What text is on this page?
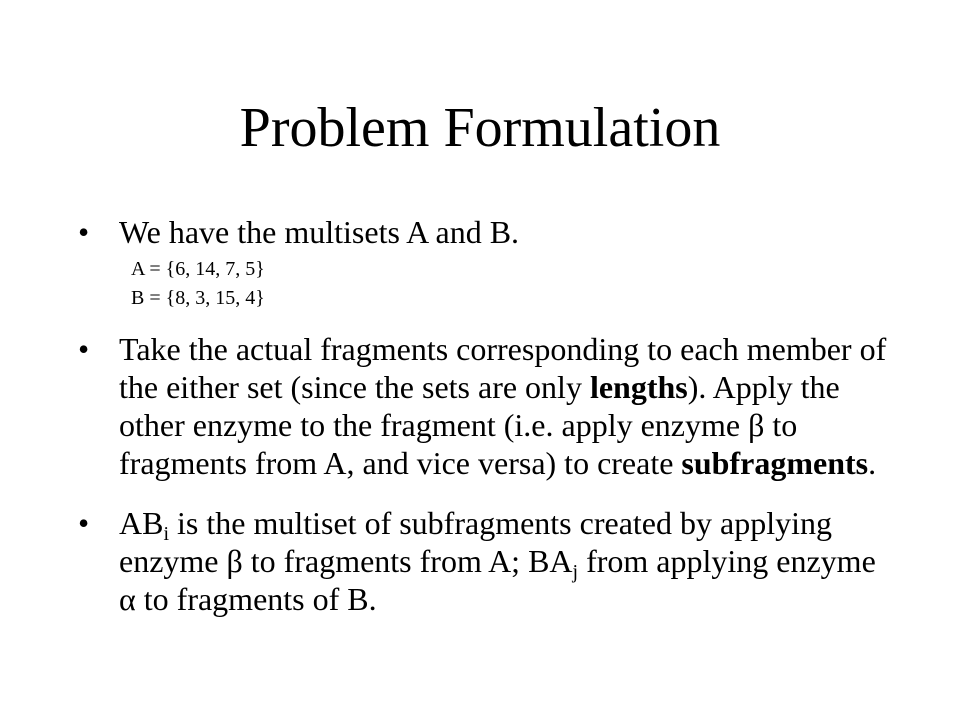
Problem Formulation
• We have the multisets A and B.
A = {6, 14, 7, 5}
B = {8, 3, 15, 4}
• Take the actual fragments corresponding to each member of the either set (since the sets are only lengths). Apply the other enzyme to the fragment (i.e. apply enzyme β to fragments from A, and vice versa) to create subfragments.
• $AB_i$ is the multiset of subfragments created by applying enzyme β to fragments from A; $BA_j$ from applying enzyme α to fragments of B.
